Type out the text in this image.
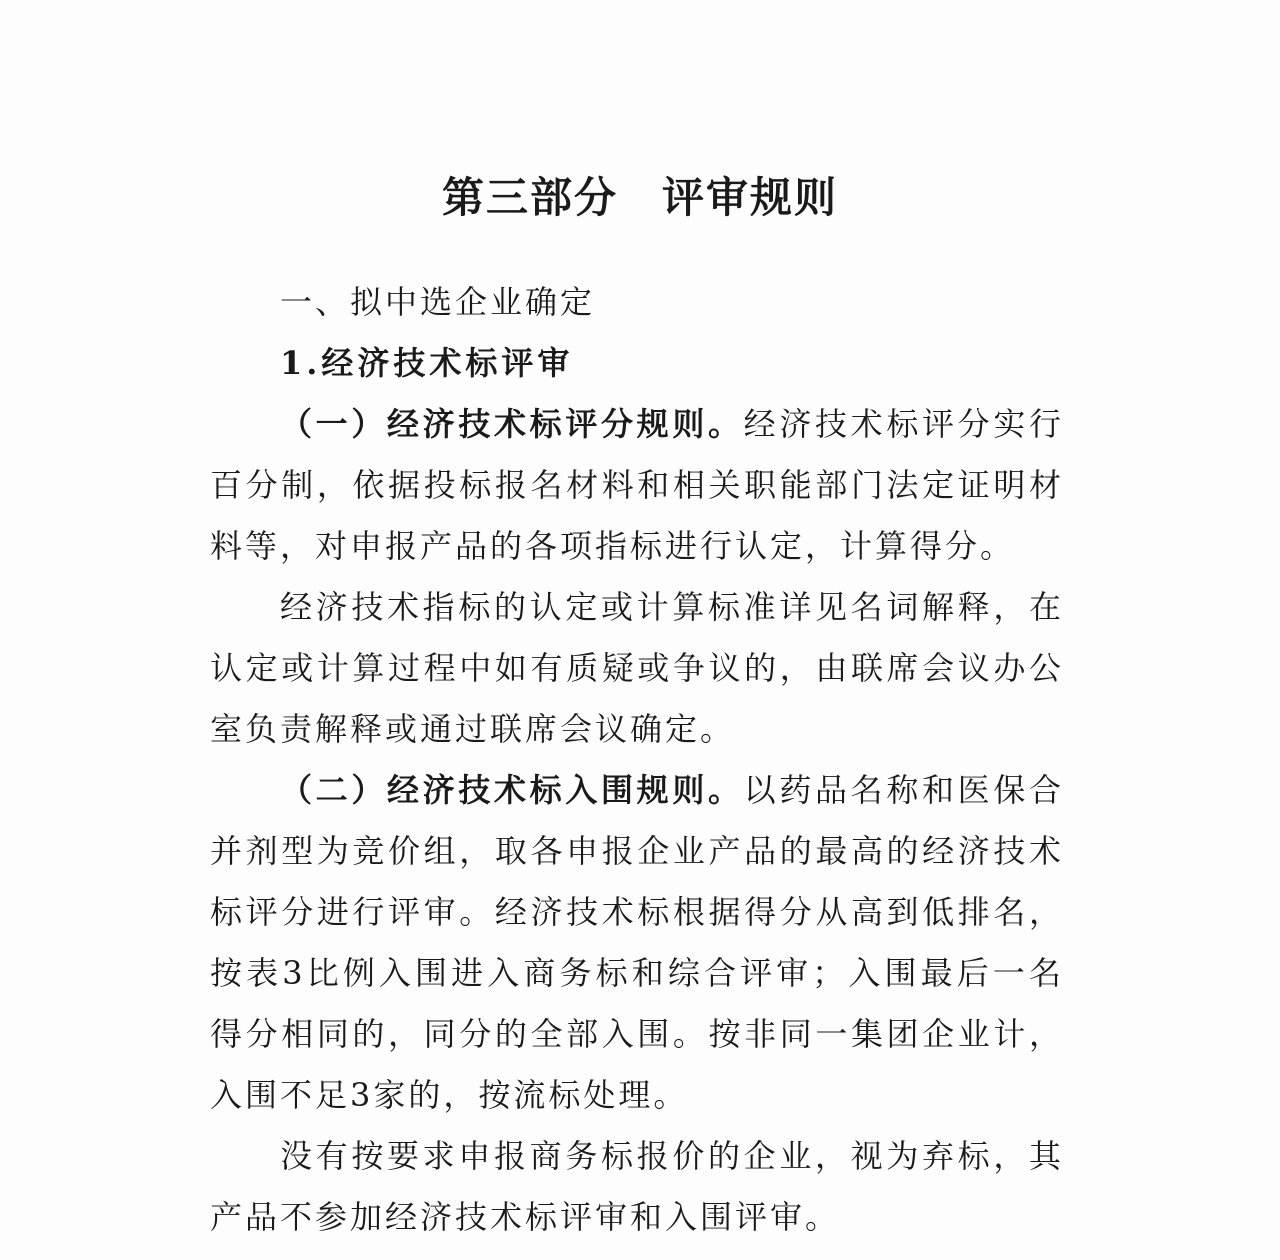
第三部分　评审规则

一、拟中选企业确定

1.经济技术标评审

（一）经济技术标评分规则。经济技术标评分实行百分制，依据投标报名材料和相关职能部门法定证明材料等，对申报产品的各项指标进行认定，计算得分。

经济技术指标的认定或计算标准详见名词解释，在认定或计算过程中如有质疑或争议的，由联席会议办公室负责解释或通过联席会议确定。

（二）经济技术标入围规则。以药品名称和医保合并剂型为竞价组，取各申报企业产品的最高的经济技术标评分进行评审。经济技术标根据得分从高到低排名，按表3比例入围进入商务标和综合评审；入围最后一名得分相同的，同分的全部入围。按非同一集团企业计，入围不足3家的，按流标处理。

没有按要求申报商务标报价的企业，视为弃标，其产品不参加经济技术标评审和入围评审。
